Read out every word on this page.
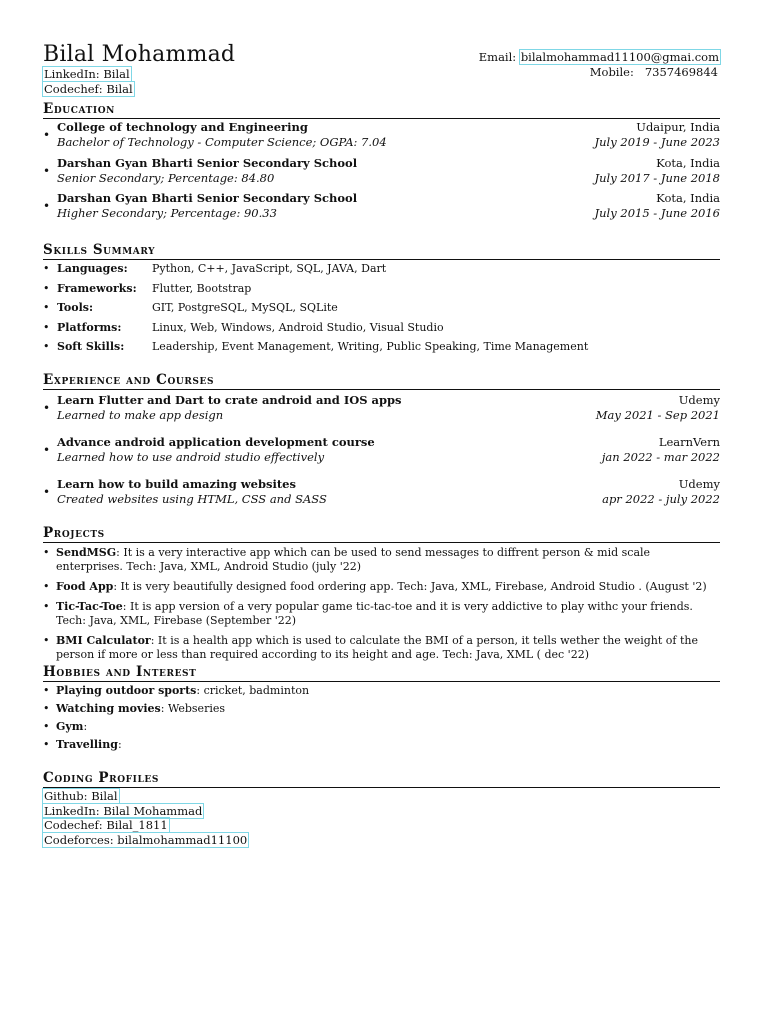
Bilal Mohammad
LinkedIn: Bilal
Codechef: Bilal
Email: bilalmohammad11100@gmai.com
Mobile: 7357469844
Education
• College of technology and Engineering	Udaipur, India
Bachelor of Technology - Computer Science; OGPA: 7.04	July 2019 - June 2023
• Darshan Gyan Bharti Senior Secondary School	Kota, India
Senior Secondary; Percentage: 84.80	July 2017 - June 2018
• Darshan Gyan Bharti Senior Secondary School	Kota, India
Higher Secondary; Percentage: 90.33	July 2015 - June 2016
Skills Summary
• Languages: Python, C++, JavaScript, SQL, JAVA, Dart
• Frameworks: Flutter, Bootstrap
• Tools:	GIT, PostgreSQL, MySQL, SQLite
• Platforms:	Linux, Web, Windows, Android Studio, Visual Studio
• Soft Skills:	Leadership, Event Management, Writing, Public Speaking, Time Management
Experience and Courses
• Learn Flutter and Dart to crate android and IOS apps	Udemy
Learned to make app design	May 2021 - Sep 2021
• Advance android application development course	LearnVern
Learned how to use android studio effectively	jan 2022 - mar 2022
• Learn how to build amazing websites	Udemy
Created websites using HTML, CSS and SASS	apr 2022 - july 2022
Projects
• SendMSG: It is a very interactive app which can be used to send messages to diffrent person & mid scale enterprises. Tech: Java, XML, Android Studio (july '22)
• Food App: It is very beautifully designed food ordering app. Tech: Java, XML, Firebase, Android Studio . (August '2)
• Tic-Tac-Toe: It is app version of a very popular game tic-tac-toe and it is very addictive to play withc your friends. Tech: Java, XML, Firebase (September '22)
• BMI Calculator: It is a health app which is used to calculate the BMI of a person, it tells wether the weight of the person if more or less than required according to its height and age. Tech: Java, XML ( dec '22)
Hobbies and Interest
• Playing outdoor sports: cricket, badminton
• Watching movies: Webseries
• Gym:
• Travelling:
Coding Profiles
Github: Bilal
LinkedIn: Bilal Mohammad
Codechef: Bilal_1811
Codeforces: bilalmohammad11100
